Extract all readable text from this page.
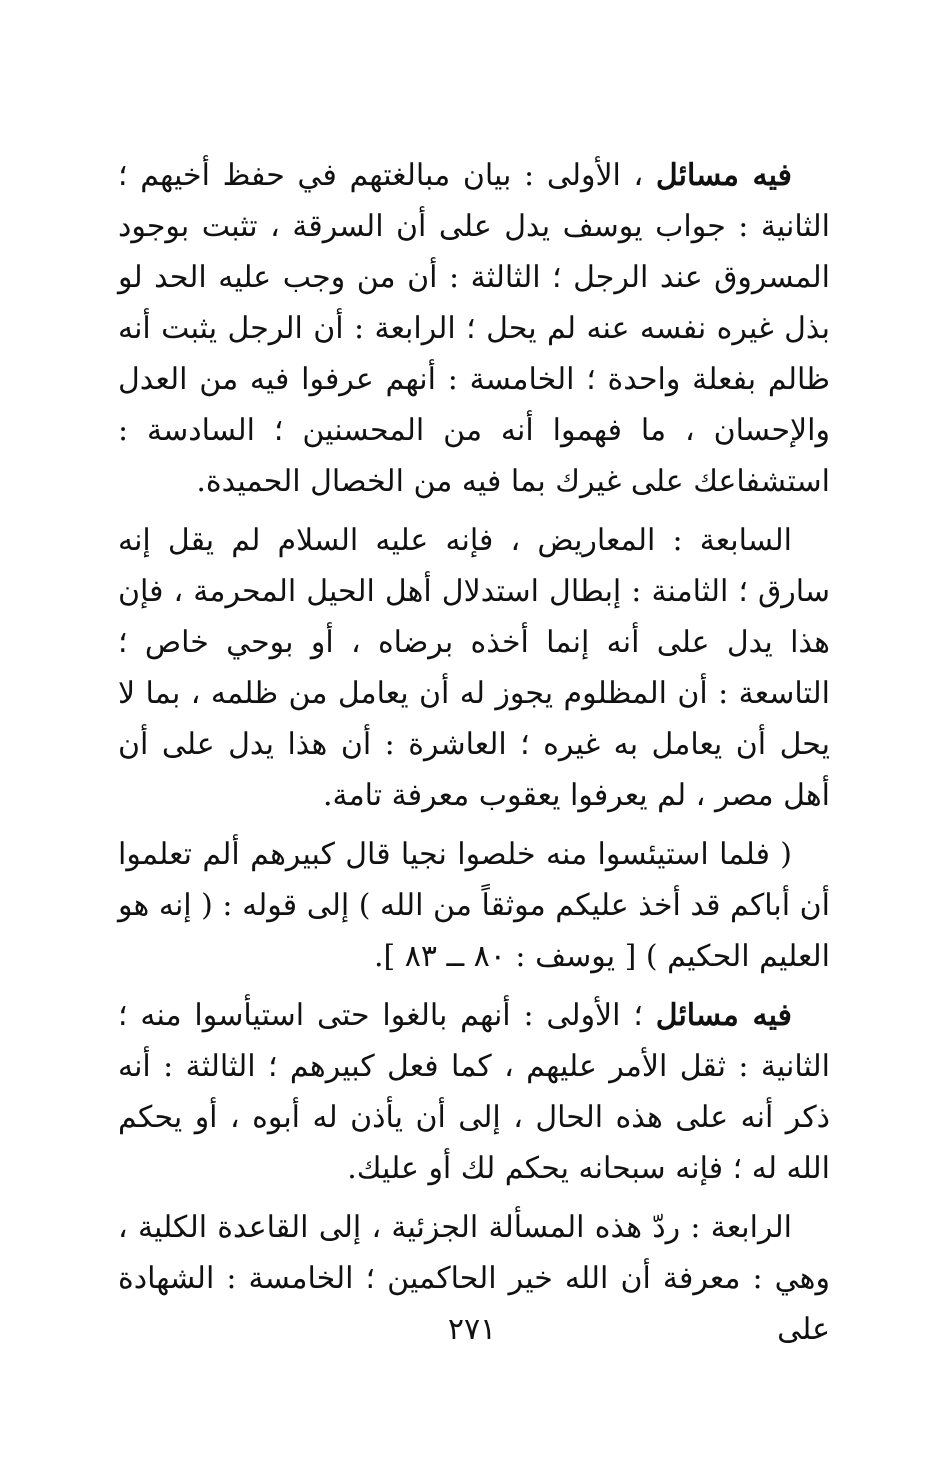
فيه مسائل ، الأولى : بيان مبالغتهم في حفظ أخيهم ؛ الثانية : جواب يوسف يدل على أن السرقة ، تثبت بوجود المسروق عند الرجل ؛ الثالثة : أن من وجب عليه الحد لو بذل غيره نفسه عنه لم يحل ؛ الرابعة : أن الرجل يثبت أنه ظالم بفعلة واحدة ؛ الخامسة : أنهم عرفوا فيه من العدل والإحسان ، ما فهموا أنه من المحسنين ؛ السادسة : استشفاعك على غيرك بما فيه من الخصال الحميدة.

السابعة : المعاريض ، فإنه عليه السلام لم يقل إنه سارق ؛ الثامنة : إبطال استدلال أهل الحيل المحرمة ، فإن هذا يدل على أنه إنما أخذه برضاه ، أو بوحي خاص ؛ التاسعة : أن المظلوم يجوز له أن يعامل من ظلمه ، بما لا يحل أن يعامل به غيره ؛ العاشرة : أن هذا يدل على أن أهل مصر ، لم يعرفوا يعقوب معرفة تامة.

( فلما استيئسوا منه خلصوا نجيا قال كبيرهم ألم تعلموا أن أباكم قد أخذ عليكم موثقاً من الله ) إلى قوله : ( إنه هو العليم الحكيم ) [ يوسف : ٨٠ ــ ٨٣ ].

فيه مسائل ؛ الأولى : أنهم بالغوا حتى استيأسوا منه ؛ الثانية : ثقل الأمر عليهم ، كما فعل كبيرهم ؛ الثالثة : أنه ذكر أنه على هذه الحال ، إلى أن يأذن له أبوه ، أو يحكم الله له ؛ فإنه سبحانه يحكم لك أو عليك.

الرابعة : ردّ هذه المسألة الجزئية ، إلى القاعدة الكلية ، وهي : معرفة أن الله خير الحاكمين ؛ الخامسة : الشهادة على

٢٧١
